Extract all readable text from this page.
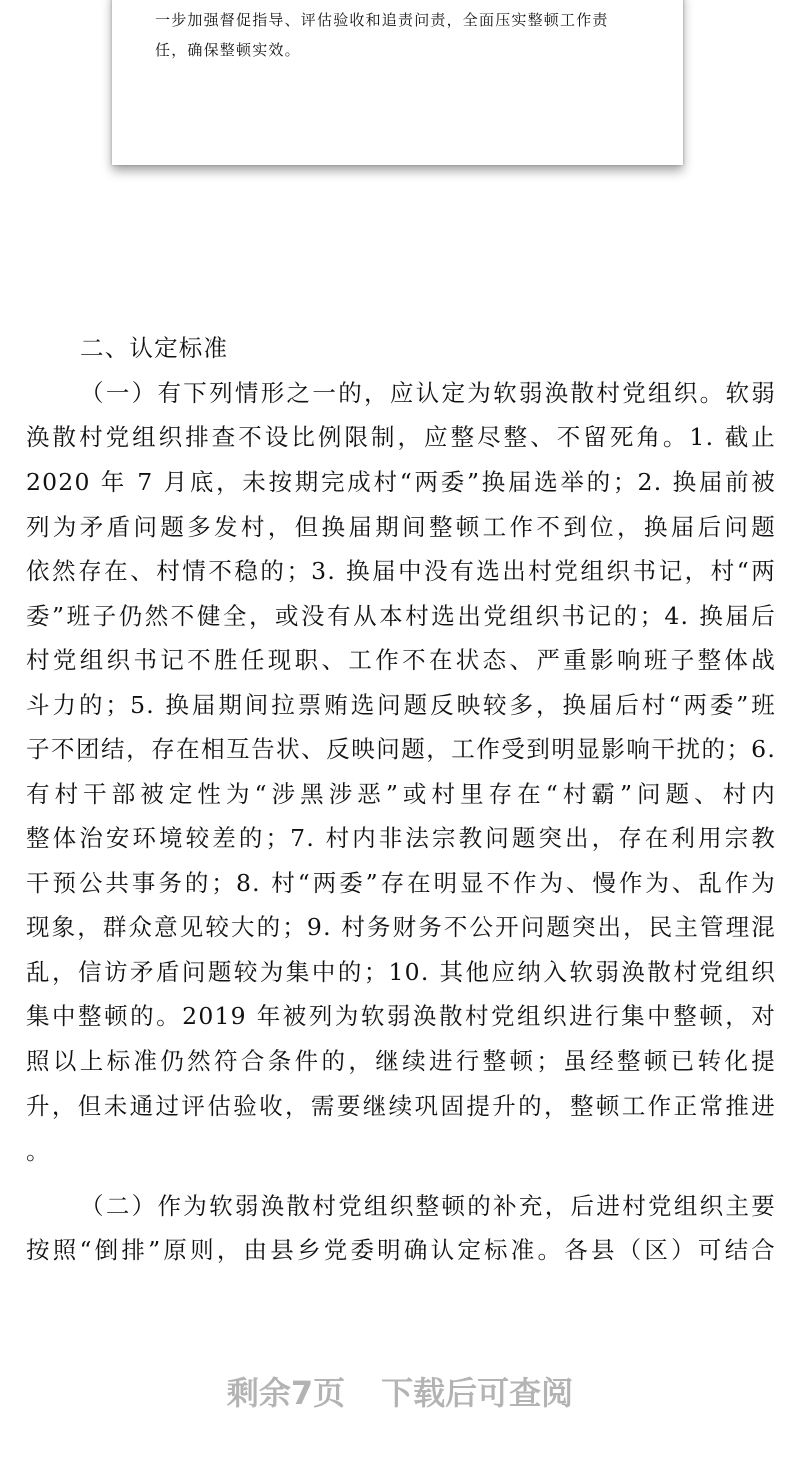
一步加强督促指导、评估验收和追责问责，全面压实整顿工作责
任，确保整顿实效。
二、认定标准
（一）有下列情形之一的，应认定为软弱涣散村党组织。软弱
涣散村党组织排查不设比例限制，应整尽整、不留死角。1. 截止
2020 年 7 月底，未按期完成村“两委”换届选举的；2. 换届前被
列为矛盾问题多发村，但换届期间整顿工作不到位，换届后问题
依然存在、村情不稳的；3. 换届中没有选出村党组织书记，村“两
委”班子仍然不健全，或没有从本村选出党组织书记的；4. 换届后
村党组织书记不胜任现职、工作不在状态、严重影响班子整体战
斗力的；5. 换届期间拉票贿选问题反映较多，换届后村“两委”班
子不团结，存在相互告状、反映问题，工作受到明显影响干扰的；6.
有村干部被定性为“涉黑涉恶”或村里存在“村霸”问题、村内
整体治安环境较差的；7. 村内非法宗教问题突出，存在利用宗教
干预公共事务的；8. 村“两委”存在明显不作为、慢作为、乱作为
现象，群众意见较大的；9. 村务财务不公开问题突出，民主管理混
乱，信访矛盾问题较为集中的；10. 其他应纳入软弱涣散村党组织
集中整顿的。2019 年被列为软弱涣散村党组织进行集中整顿，对
照以上标准仍然符合条件的，继续进行整顿；虽经整顿已转化提
升，但未通过评估验收，需要继续巩固提升的，整顿工作正常推进
。
（二）作为软弱涣散村党组织整顿的补充，后进村党组织主要
按照“倒排”原则，由县乡党委明确认定标准。各县（区）可结合
剩余7页 下载后可查阅
